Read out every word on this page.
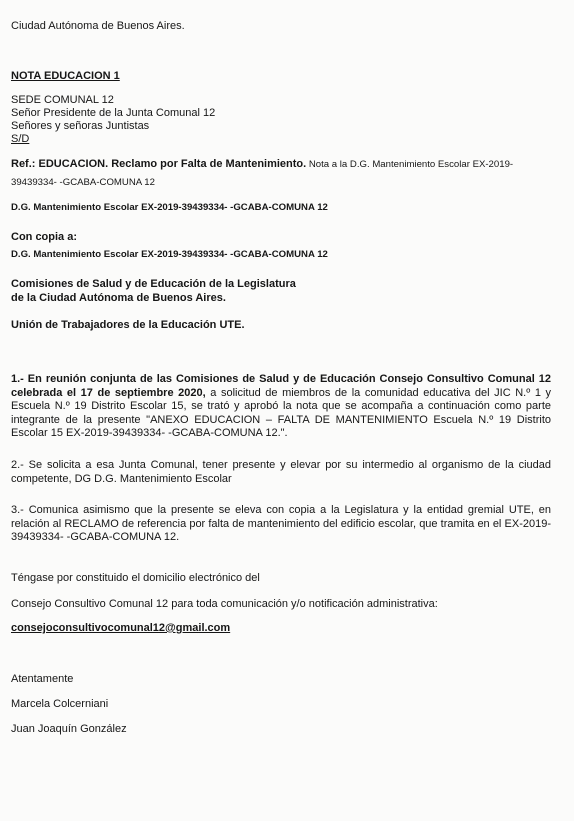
Ciudad Autónoma de Buenos Aires.
NOTA EDUCACION 1
SEDE COMUNAL 12
Señor Presidente de la Junta Comunal 12
Señores y señoras Juntistas
S/D
Ref.: EDUCACION. Reclamo por Falta de Mantenimiento. Nota a la D.G. Mantenimiento Escolar EX-2019-
39439334- -GCABA-COMUNA 12
D.G. Mantenimiento Escolar EX-2019-39439334- -GCABA-COMUNA 12
Con copia a:
D.G. Mantenimiento Escolar EX-2019-39439334- -GCABA-COMUNA 12
Comisiones de Salud y de Educación de la Legislatura
de la Ciudad Autónoma de Buenos Aires.
Unión de Trabajadores de la Educación UTE.
1.- En reunión conjunta de las Comisiones de Salud y de Educación Consejo Consultivo Comunal 12 celebrada el 17 de septiembre 2020, a solicitud de miembros de la comunidad educativa del JIC N.º 1 y Escuela N.º 19 Distrito Escolar 15, se trató y aprobó la nota que se acompaña a continuación como parte integrante de la presente "ANEXO EDUCACION – FALTA DE MANTENIMIENTO Escuela N.º 19 Distrito Escolar 15 EX-2019-39439334- -GCABA-COMUNA 12.".
2.- Se solicita a esa Junta Comunal, tener presente y elevar por su intermedio al organismo de la ciudad competente, DG D.G. Mantenimiento Escolar
3.- Comunica asimismo que la presente se eleva con copia a la Legislatura y la entidad gremial UTE, en relación al RECLAMO de referencia por falta de mantenimiento del edificio escolar, que tramita en el EX-2019-39439334- -GCABA-COMUNA 12.
Téngase por constituido el domicilio electrónico del
Consejo Consultivo Comunal 12 para toda comunicación y/o notificación administrativa:
consejoconsultivocomunal12@gmail.com
Atentamente
Marcela Colcerniani
Juan Joaquín González
